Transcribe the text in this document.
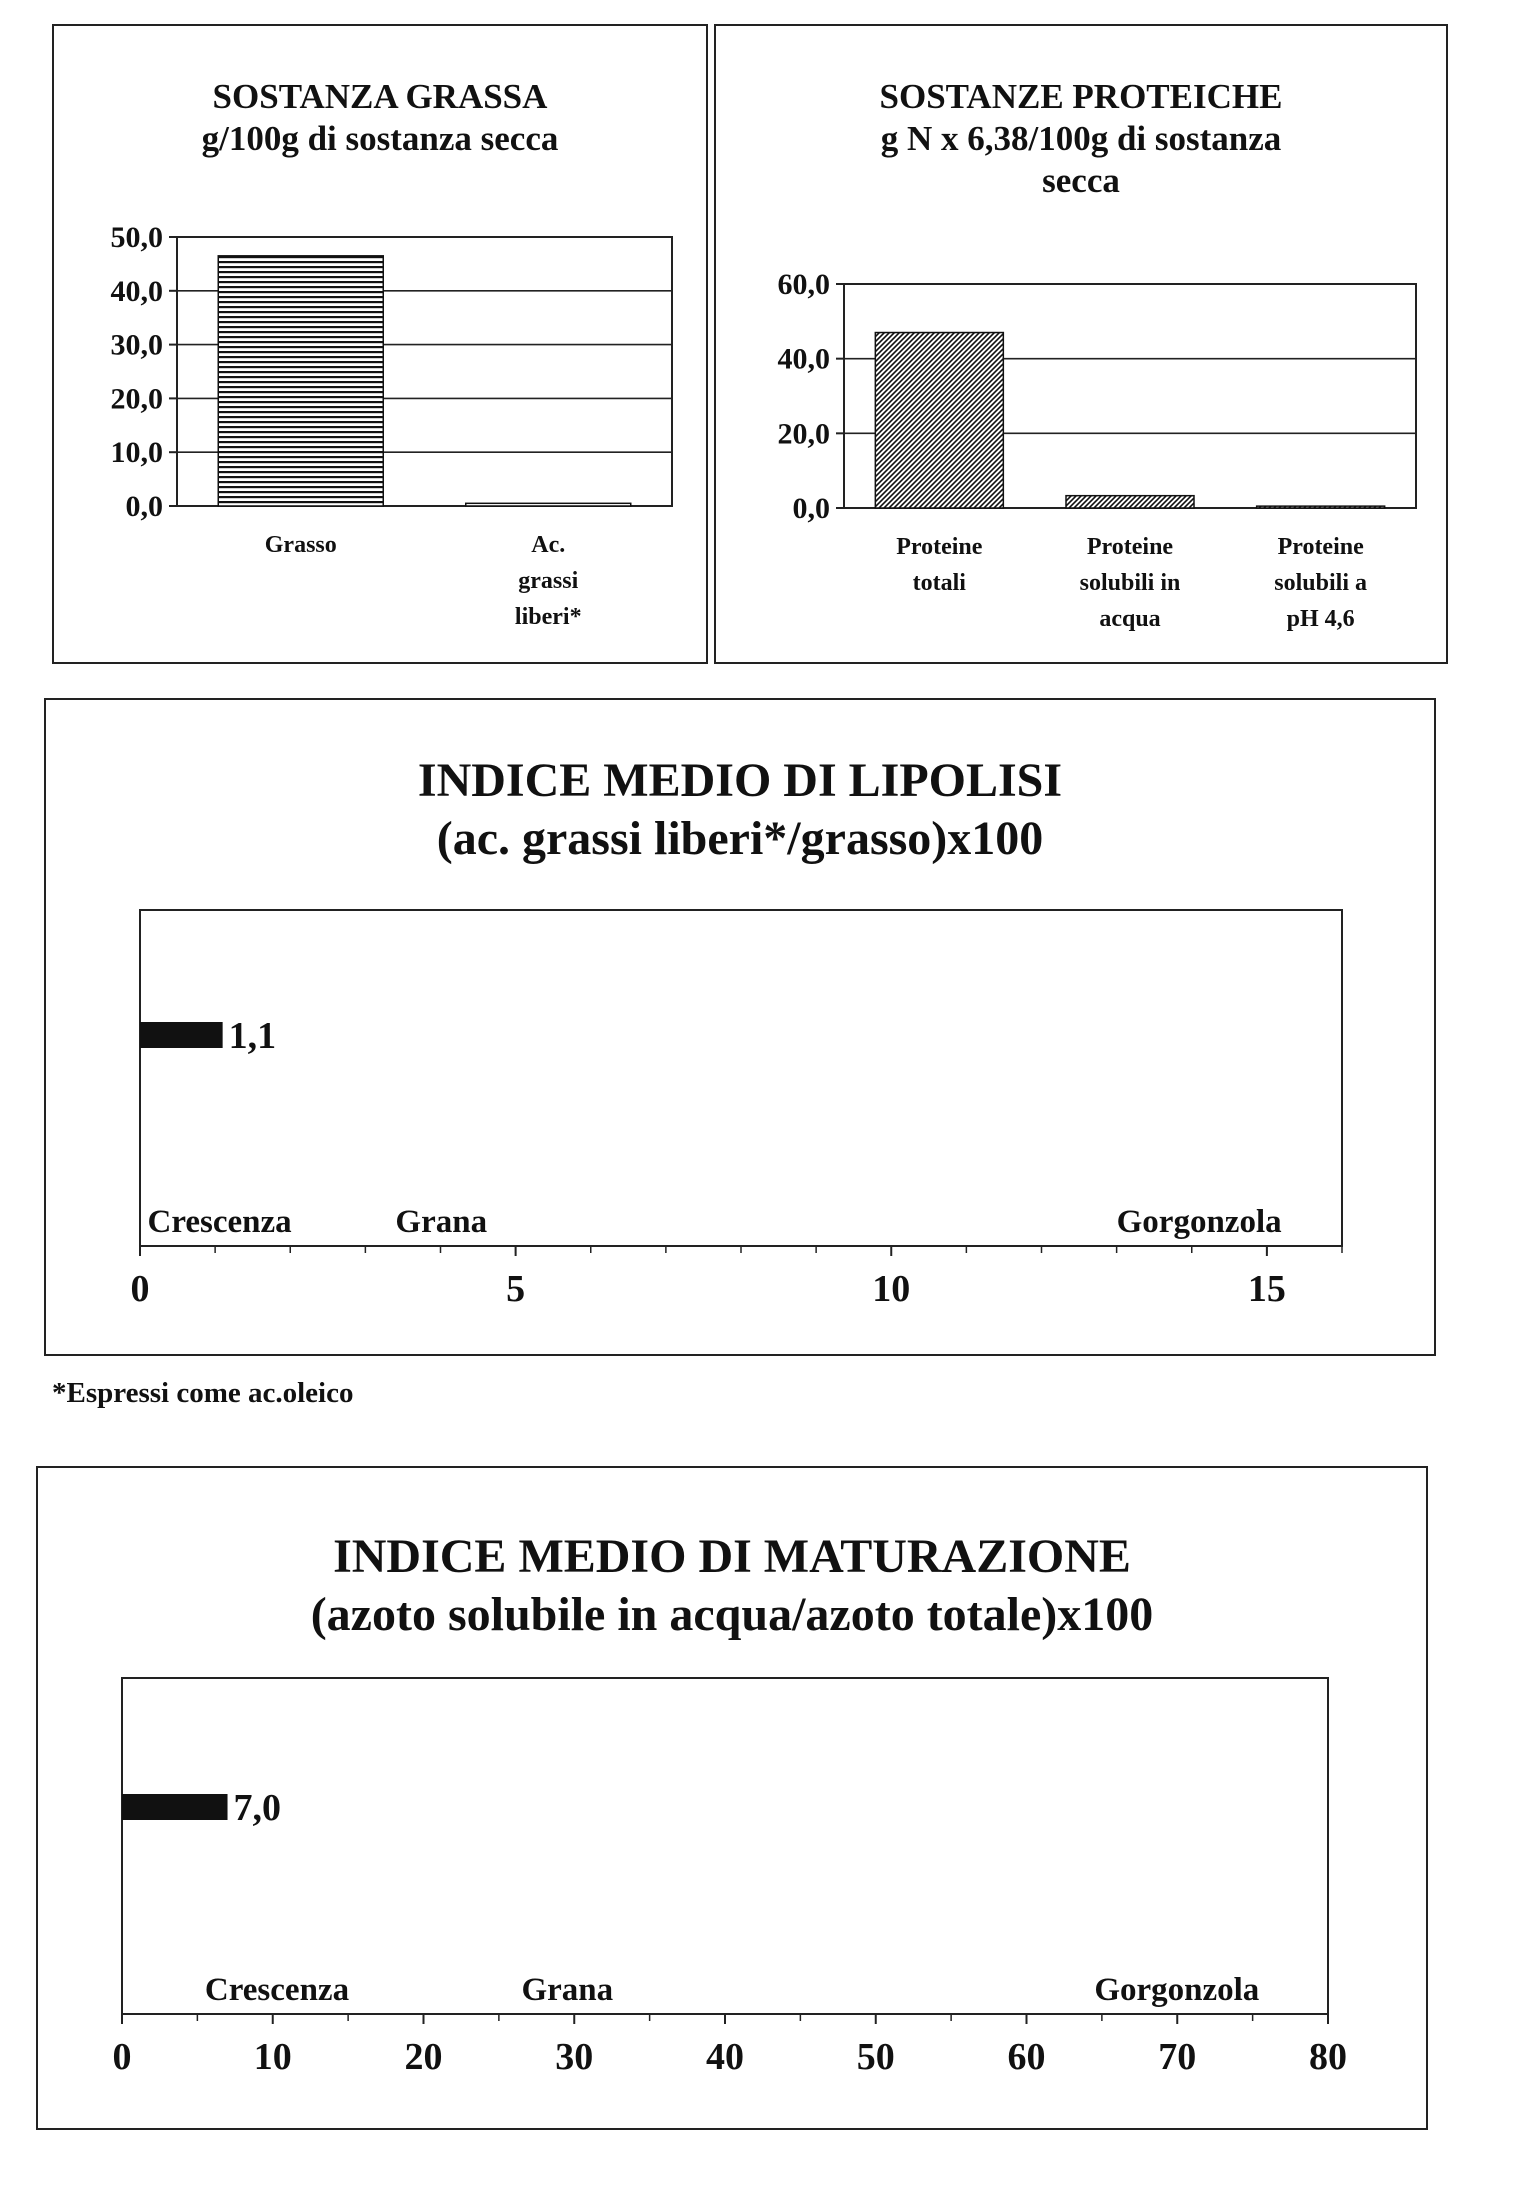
SOSTANZA GRASSA
g/100g di sostanza secca
50,0
40,0
30,0
20,0
10,0
0,0
Grasso	Ac. grassi liberi*
SOSTANZE PROTEICHE
g N x 6,38/100g di sostanza
secca
60,0
40,0
20,0
0,0
Proteine totali
Proteine solubili in acqua
Proteine solubili a pH 4,6
INDICE MEDIO DI LIPOLISI
(ac. grassi liberi*/grasso)x100
1,1
Crescenza	Grana	Gorgonzola
0	5	10	15
*Espressi come ac.oleico
INDICE MEDIO DI MATURAZIONE
(azoto solubile in acqua/azoto totale)x100
7,0
Crescenza	Grana	Gorgonzola
0	10	20	30	40	50	60	70	80
